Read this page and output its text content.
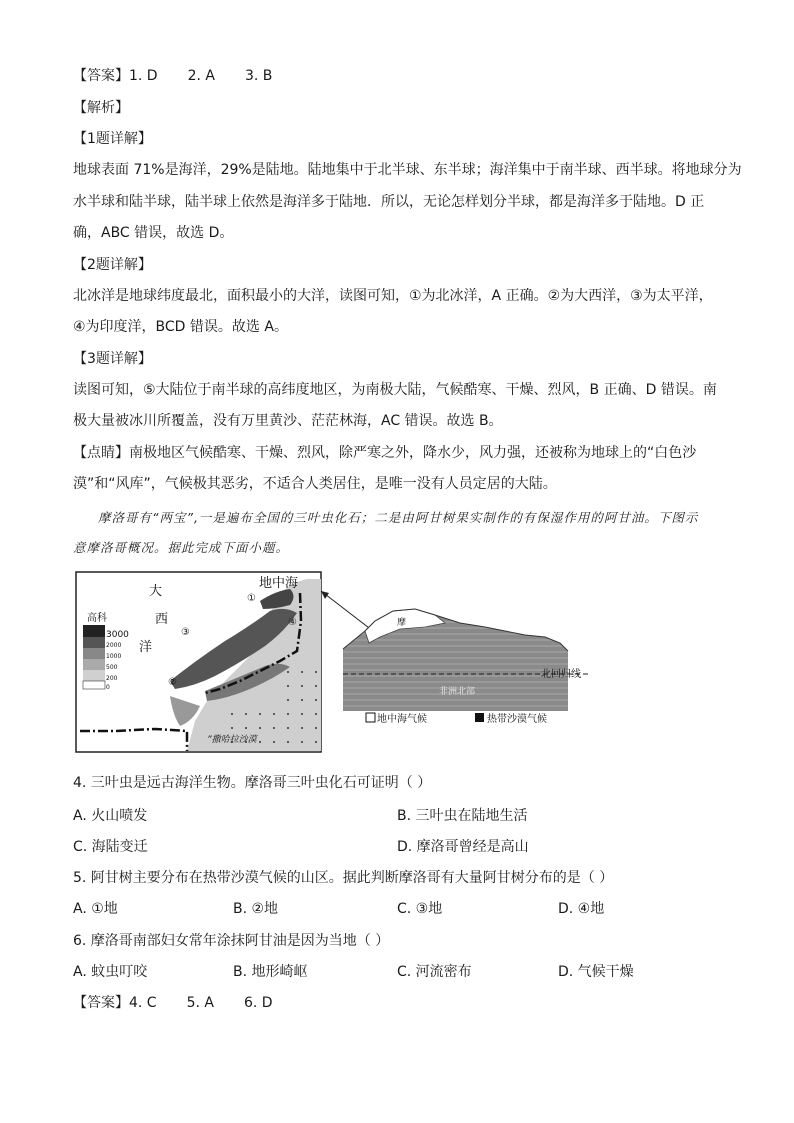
【答案】1. D 2. A 3. B
【解析】
【1题详解】
地球表面 71%是海洋，29%是陆地。陆地集中于北半球、东半球；海洋集中于南半球、西半球。将地球分为
水半球和陆半球，陆半球上依然是海洋多于陆地．所以，无论怎样划分半球，都是海洋多于陆地。D 正
确，ABC 错误，故选 D。
【2题详解】
北冰洋是地球纬度最北，面积最小的大洋，读图可知，①为北冰洋，A 正确。②为大西洋，③为太平洋，
④为印度洋，BCD 错误。故选 A。
【3题详解】
读图可知，⑤大陆位于南半球的高纬度地区，为南极大陆，气候酷寒、干燥、烈风，B 正确、D 错误。南
极大量被冰川所覆盖，没有万里黄沙、茫茫林海，AC 错误。故选 B。
【点睛】南极地区气候酷寒、干燥、烈风，除严寒之外，降水少，风力强，还被称为地球上的“白色沙
漠”和“风库”，气候极其恶劣，不适合人类居住，是唯一没有人员定居的大陆。
摩洛哥有“两宝”,一是遍布全国的三叶虫化石；二是由阿甘树果实制作的有保湿作用的阿甘油。下图示
意摩洛哥概况。据此完成下面小题。
大
西
洋
地中海
③
①
②
④
”撒哈拉沙漠
高科
3000
2000
1000
500
200
0
摩
北回归线
非洲北部
地中海气候	热带沙漠气候
4. 三叶虫是远古海洋生物。摩洛哥三叶虫化石可证明（ ）
A. 火山喷发	B. 三叶虫在陆地生活
C. 海陆变迁	D. 摩洛哥曾经是高山
5. 阿甘树主要分布在热带沙漠气候的山区。据此判断摩洛哥有大量阿甘树分布的是（ ）
A. ①地	B. ②地	C. ③地	D. ④地
6. 摩洛哥南部妇女常年涂抹阿甘油是因为当地（ ）
A. 蚊虫叮咬	B. 地形崎岖	C. 河流密布	D. 气候干燥
【答案】4. C 5. A 6. D
